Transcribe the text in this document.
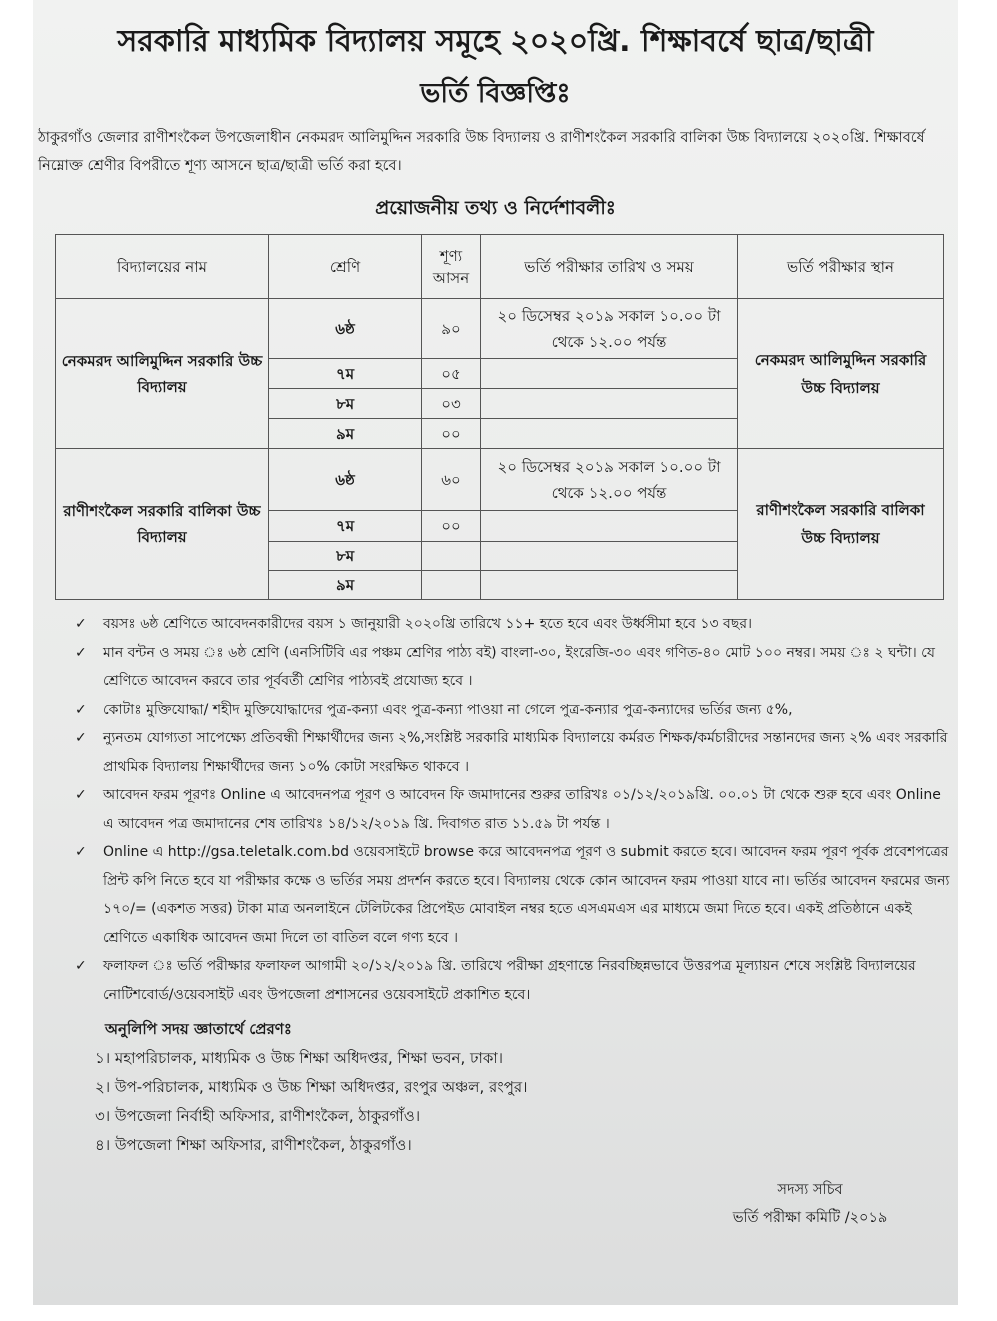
সরকারি মাধ্যমিক বিদ্যালয় সমূহে ২০২০খ্রি. শিক্ষাবর্ষে ছাত্র/ছাত্রী
ভর্তি বিজ্ঞপ্তিঃ
ঠাকুরগাঁও জেলার রাণীশংকৈল উপজেলাধীন নেকমরদ আলিমুদ্দিন সরকারি উচ্চ বিদ্যালয় ও রাণীশংকৈল সরকারি বালিকা উচ্চ বিদ্যালয়ে ২০২০খ্রি. শিক্ষাবর্ষে নিম্নোক্ত শ্রেণীর বিপরীতে শূণ্য আসনে ছাত্র/ছাত্রী ভর্তি করা হবে।
প্রয়োজনীয় তথ্য ও নির্দেশাবলীঃ
বিদ্যালয়ের নাম	শ্রেণি	শূণ্য আসন	ভর্তি পরীক্ষার তারিখ ও সময়	ভর্তি পরীক্ষার স্থান
নেকমরদ আলিমুদ্দিন সরকারি উচ্চ বিদ্যালয়	৬ষ্ঠ	৯০	২০ ডিসেম্বর ২০১৯ সকাল ১০.০০ টা থেকে ১২.০০ পর্যন্ত	নেকমরদ আলিমুদ্দিন সরকারি উচ্চ বিদ্যালয়
	৭ম	০৫		
	৮ম	০৩		
	৯ম	০০		
রাণীশংকৈল সরকারি বালিকা উচ্চ বিদ্যালয়	৬ষ্ঠ	৬০	২০ ডিসেম্বর ২০১৯ সকাল ১০.০০ টা থেকে ১২.০০ পর্যন্ত	রাণীশংকৈল সরকারি বালিকা উচ্চ বিদ্যালয়
	৭ম	০০		
	৮ম			
	৯ম			
✓ বয়সঃ ৬ষ্ঠ শ্রেণিতে আবেদনকারীদের বয়স ১ জানুয়ারী ২০২০খ্রি তারিখে ১১+ হতে হবে এবং উর্ধ্বসীমা হবে ১৩ বছর।
✓ মান বন্টন ও সময় ঃ ৬ষ্ঠ শ্রেণি (এনসিটিবি এর পঞ্চম শ্রেণির পাঠ্য বই) বাংলা-৩০, ইংরেজি-৩০ এবং গণিত-৪০ মোট ১০০ নম্বর। সময় ঃ ২ ঘন্টা। যে শ্রেণিতে আবেদন করবে তার পূর্ববর্তী শ্রেণির পাঠ্যবই প্রযোজ্য হবে ।
✓ কোটাঃ মুক্তিযোদ্ধা/ শহীদ মুক্তিযোদ্ধাদের পুত্র-কন্যা এবং পুত্র-কন্যা পাওয়া না গেলে পুত্র-কন্যার পুত্র-কন্যাদের ভর্তির জন্য ৫%,
✓ ন্যুনতম যোগ্যতা সাপেক্ষ্যে প্রতিবন্ধী শিক্ষার্থীদের জন্য ২%,সংশ্লিষ্ট সরকারি মাধ্যমিক বিদ্যালয়ে কর্মরত শিক্ষক/কর্মচারীদের সন্তানদের জন্য ২% এবং সরকারি প্রাথমিক বিদ্যালয় শিক্ষার্থীদের জন্য ১০% কোটা সংরক্ষিত থাকবে ।
✓ আবেদন ফরম পূরণঃ Online এ আবেদনপত্র পূরণ ও আবেদন ফি জমাদানের শুরুর তারিখঃ ০১/১২/২০১৯খ্রি. ০০.০১ টা থেকে শুরু হবে এবং Online এ আবেদন পত্র জমাদানের শেষ তারিখঃ ১৪/১২/২০১৯ খ্রি. দিবাগত রাত ১১.৫৯ টা পর্যন্ত ।
✓ Online এ http://gsa.teletalk.com.bd ওয়েবসাইটে browse করে আবেদনপত্র পূরণ ও submit করতে হবে। আবেদন ফরম পূরণ পূর্বক প্রবেশপত্রের প্রিন্ট কপি নিতে হবে যা পরীক্ষার কক্ষে ও ভর্তির সময় প্রদর্শন করতে হবে। বিদ্যালয় থেকে কোন আবেদন ফরম পাওয়া যাবে না। ভর্তির আবেদন ফরমের জন্য ১৭০/= (একশত সত্তর) টাকা মাত্র অনলাইনে টেলিটকের প্রিপেইড মোবাইল নম্বর হতে এসএমএস এর মাধ্যমে জমা দিতে হবে। একই প্রতিষ্ঠানে একই শ্রেণিতে একাধিক আবেদন জমা দিলে তা বাতিল বলে গণ্য হবে ।
✓ ফলাফল ঃ ভর্তি পরীক্ষার ফলাফল আগামী ২০/১২/২০১৯ খ্রি. তারিখে পরীক্ষা গ্রহণান্তে নিরবচ্ছিন্নভাবে উত্তরপত্র মূল্যায়ন শেষে সংশ্লিষ্ট বিদ্যালয়ের নোটিশবোর্ড/ওয়েবসাইট এবং উপজেলা প্রশাসনের ওয়েবসাইটে প্রকাশিত হবে।
অনুলিপি সদয় জ্ঞাতার্থে প্রেরণঃ
১। মহাপরিচালক, মাধ্যমিক ও উচ্চ শিক্ষা অধিদপ্তর, শিক্ষা ভবন, ঢাকা।
২। উপ-পরিচালক, মাধ্যমিক ও উচ্চ শিক্ষা অধিদপ্তর, রংপুর অঞ্চল, রংপুর।
৩। উপজেলা নির্বাহী অফিসার, রাণীশংকৈল, ঠাকুরগাঁও।
৪। উপজেলা শিক্ষা অফিসার, রাণীশংকৈল, ঠাকুরগাঁও।
সদস্য সচিব
ভর্তি পরীক্ষা কমিটি /২০১৯
